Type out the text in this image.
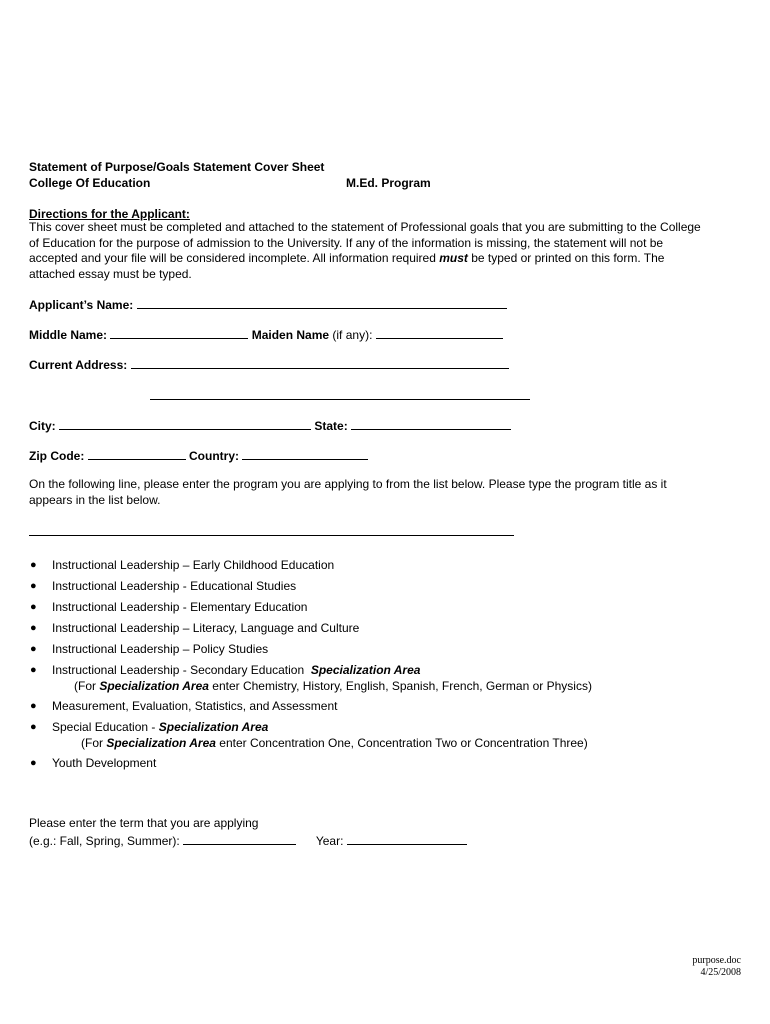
Statement of Purpose/Goals Statement Cover Sheet
College Of Education	M.Ed. Program
Directions for the Applicant:
This cover sheet must be completed and attached to the statement of Professional goals that you are submitting to the College
of Education for the purpose of admission to the University. If any of the information is missing, the statement will not be
accepted and your file will be considered incomplete. All information required must be typed or printed on this form. The
attached essay must be typed.
Applicant’s Name:
Middle Name:	Maiden Name (if any):
Current Address:
City:	State:
Zip Code:	Country:
On the following line, please enter the program you are applying to from the list below. Please type the program title as it
appears in the list below.
● Instructional Leadership – Early Childhood Education
● Instructional Leadership - Educational Studies
● Instructional Leadership - Elementary Education
● Instructional Leadership – Literacy, Language and Culture
● Instructional Leadership – Policy Studies
● Instructional Leadership - Secondary Education  Specialization Area
(For Specialization Area enter Chemistry, History, English, Spanish, French, German or Physics)
● Measurement, Evaluation, Statistics, and Assessment
● Special Education - Specialization Area
(For Specialization Area enter Concentration One, Concentration Two or Concentration Three)
● Youth Development
Please enter the term that you are applying
(e.g.: Fall, Spring, Summer):	Year:
purpose.doc
4/25/2008
